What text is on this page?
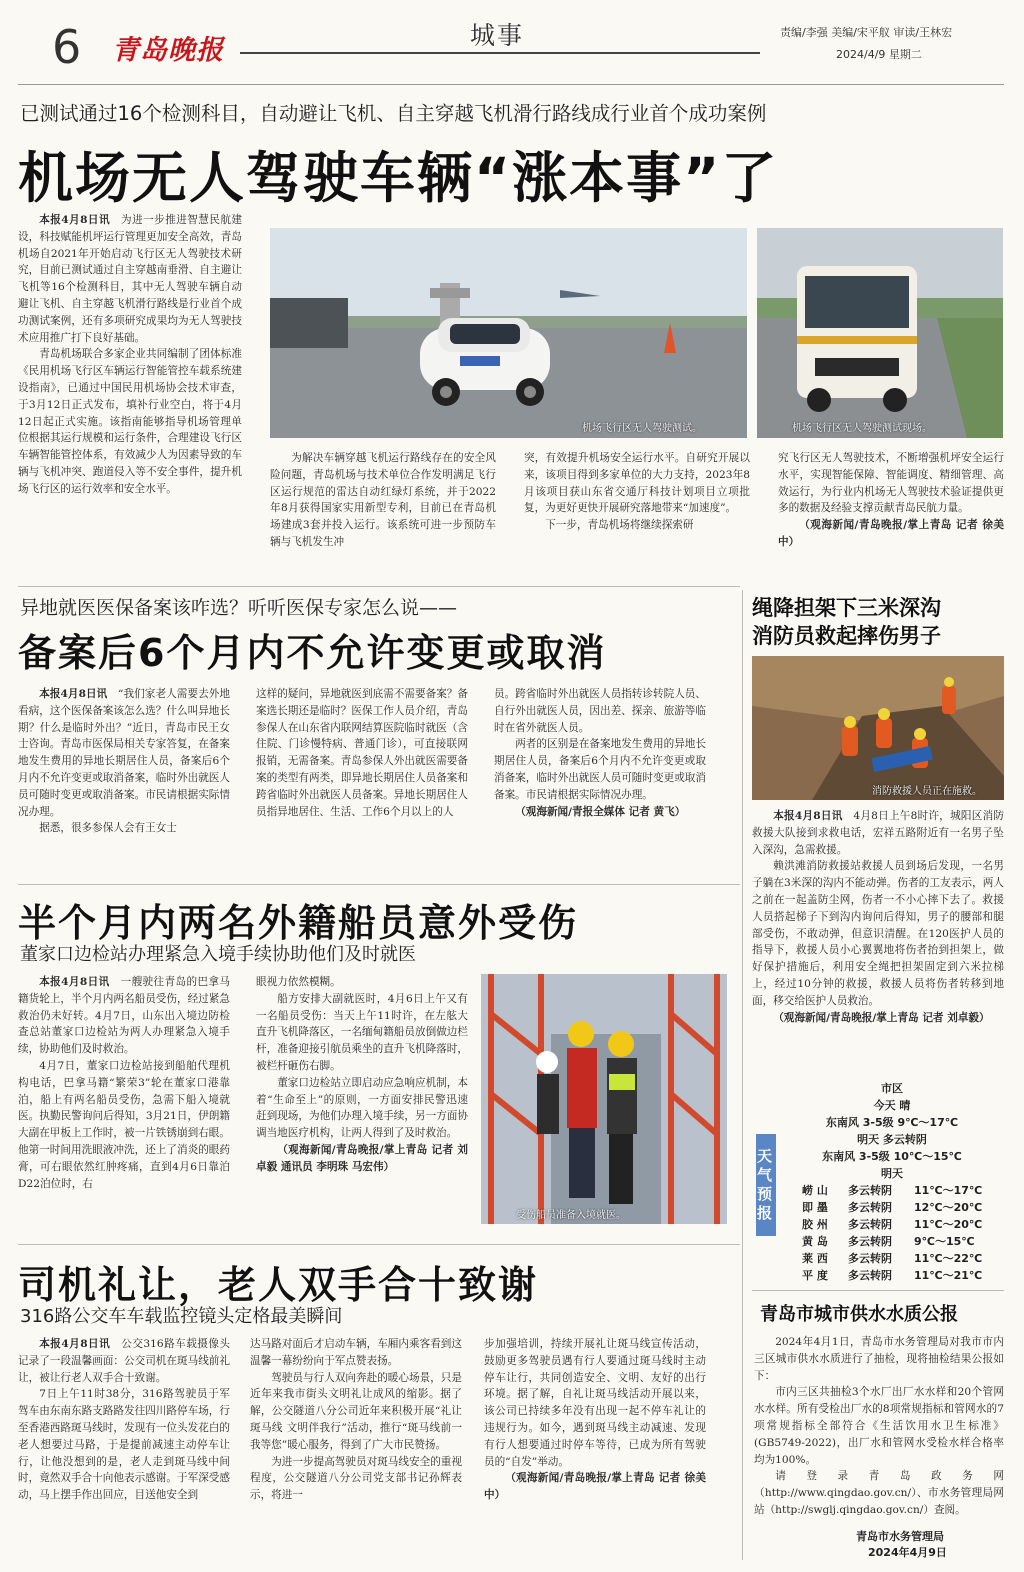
6 青岛晚报	城事	责编/李强 美编/宋平舣 审读/王林宏
2024/4/9 星期二
已测试通过16个检测科目，自动避让飞机、自主穿越飞机滑行路线成行业首个成功案例
机场无人驾驶车辆“涨本事”了

本报4月8日讯　 为进一步推进智慧民航建设，科技赋能机坪运行管理更加安全高效，青岛机场自2021年开始启动飞行区无人驾驶技术研究，目前已测试通过自主穿越南垂滑、自主避让飞机等16个检测科目，其中无人驾驶车辆自动避让飞机、自主穿越飞机滑行路线是行业首个成功测试案例，还有多项研究成果均为无人驾驶技术应用推广打下良好基础。

青岛机场联合多家企业共同编制了团体标准《民用机场飞行区车辆运行智能管控车载系统建设指南》，已通过中国民用机场协会技术审查，于3月12日正式发布，填补行业空白，将于4月12日起正式实施。该指南能够指导机场管理单位根据其运行规模和运行条件，合理建设飞行区车辆智能管控体系，有效减少人为因素导致的车辆与飞机冲突、跑道侵入等不安全事件，提升机场飞行区的运行效率和安全水平。

机场飞行区无人驾驶测试。	机场飞行区无人驾驶测试现场。

为解决车辆穿越飞机运行路线存在的安全风险问题，青岛机场与技术单位合作发明满足飞行区运行规范的雷达自动红绿灯系统，并于2022年8月获得国家实用新型专利，目前已在青岛机场建成3套并投入运行。该系统可进一步预防车辆与飞机发生冲

突，有效提升机场安全运行水平。自研究开展以来，该项目得到多家单位的大力支持，2023年8月该项目获山东省交通厅科技计划项目立项批复，为更好更快开展研究落地带来“加速度”。

下一步，青岛机场将继续探索研

究飞行区无人驾驶技术，不断增强机坪安全运行水平，实现智能保障、智能调度、精细管理、高效运行，为行业内机场无人驾驶技术验证提供更多的数据及经验支撑贡献青岛民航力量。

（观海新闻/青岛晚报/掌上青岛 记者 徐美中）

异地就医医保备案该咋选？听听医保专家怎么说——
备案后6个月内不允许变更或取消

本报4月8日讯　 “我们家老人需要去外地看病，这个医保备案该怎么选？什么叫异地长期？什么是临时外出？”近日，青岛市民王女士咨询。青岛市医保局相关专家答复，在备案地发生费用的异地长期居住人员，备案后6个月内不允许变更或取消备案，临时外出就医人员可随时变更或取消备案。市民请根据实际情况办理。

据悉，很多参保人会有王女士

这样的疑问，异地就医到底需不需要备案？备案选长期还是临时？医保工作人员介绍，青岛参保人在山东省内联网结算医院临时就医（含住院、门诊慢特病、普通门诊），可直接联网报销，无需备案。青岛参保人外出就医需要备案的类型有两类，即异地长期居住人员备案和跨省临时外出就医人员备案。异地长期居住人员指异地居住、生活、工作6个月以上的人

员。跨省临时外出就医人员指转诊转院人员、自行外出就医人员，因出差、探亲、旅游等临时在省外就医人员。

两者的区别是在备案地发生费用的异地长期居住人员，备案后6个月内不允许变更或取消备案，临时外出就医人员可随时变更或取消备案。市民请根据实际情况办理。

（观海新闻/青报全媒体 记者 黄飞）

半个月内两名外籍船员意外受伤
董家口边检站办理紧急入境手续协助他们及时就医

本报4月8日讯　 一艘驶往青岛的巴拿马籍货轮上，半个月内两名船员受伤，经过紧急救治仍未好转。4月7日，山东出入境边防检查总站董家口边检站为两人办理紧急入境手续，协助他们及时救治。

4月7日，董家口边检站接到船舶代理机构电话，巴拿马籍“繁荣3”轮在董家口港靠泊，船上有两名船员受伤，急需下船入境就医。执勤民警询问后得知，3月21日，伊朗籍大副在甲板上工作时，被一片铁锈崩到右眼。他第一时间用洗眼液冲洗，还上了消炎的眼药膏，可右眼依然红肿疼痛，直到4月6日靠泊D22泊位时，右

眼视力依然模糊。

船方安排大副就医时，4月6日上午又有一名船员受伤：当天上午11时许，在左舷大直升飞机降落区，一名缅甸籍船员放倒做边栏杆，准备迎接引航员乘坐的直升飞机降落时，被栏杆砸伤右脚。

董家口边检站立即启动应急响应机制，本着“生命至上”的原则，一方面安排民警迅速赶到现场，为他们办理入境手续，另一方面协调当地医疗机构，让两人得到了及时救治。

（观海新闻/青岛晚报/掌上青岛 记者 刘卓毅 通讯员 李明珠 马宏伟）

受伤船员准备入境就医。
司机礼让，老人双手合十致谢
316路公交车车载监控镜头定格最美瞬间

本报4月8日讯　 公交316路车载摄像头记录了一段温馨画面：公交司机在斑马线前礼让，被让行老人双手合十致谢。

7日上午11时38分，316路驾驶员于军驾车由东南东路支路路发往四川路停车场，行至香港西路斑马线时，发现有一位头发花白的老人想要过马路，于是提前减速主动停车让行，让他没想到的是，老人走到斑马线中间时，竟然双手合十向他表示感谢。于军深受感动，马上摆手作出回应，目送他安全到

达马路对面后才启动车辆，车厢内乘客看到这温馨一幕纷纷向于军点赞表扬。

驾驶员与行人双向奔赴的暖心场景，只是近年来我市街头文明礼让成风的缩影。据了解，公交隧道八分公司近年来积极开展“礼让斑马线 文明伴我行”活动，推行“斑马线前一我等您”暖心服务，得到了广大市民赞扬。

为进一步提高驾驶员对斑马线安全的重视程度，公交隧道八分公司党支部书记孙辉表示，将进一

步加强培训，持续开展礼让斑马线宣传活动，鼓励更多驾驶员遇有行人要通过斑马线时主动停车让行，共同创造安全、文明、友好的出行环境。据了解，自礼让斑马线活动开展以来，该公司已持续多年没有出现一起不停车礼让的违规行为。如今，遇到斑马线主动减速、发现有行人想要通过时停车等待，已成为所有驾驶员的“自发”举动。

（观海新闻/青岛晚报/掌上青岛 记者 徐美中）

绳降担架下三米深沟
消防员救起摔伤男子
消防救援人员正在施救。

本报4月8日讯　 4月8日上午8时许，城阳区消防救援大队接到求救电话，宏祥五路附近有一名男子坠入深沟，急需救援。

赖洪滩消防救援站救援人员到场后发现，一名男子躺在3米深的沟内不能动弹。伤者的工友表示，两人之前在一起盖防尘网，伤者一不小心摔下去了。救援人员搭起梯子下到沟内询问后得知，男子的腰部和腿部受伤，不敢动弹，但意识清醒。在120医护人员的指导下，救援人员小心翼翼地将伤者抬到担架上，做好保护措施后，利用安全绳把担架固定到六米拉梯上，经过10分钟的救援，救援人员将伤者转移到地面，移交给医护人员救治。

（观海新闻/青岛晚报/掌上青岛 记者 刘卓毅）

天气预报
市区
今天 晴
东南风 3-5级 9℃～17℃
明天 多云转阴
东南风 3-5级 10℃～15℃
明天
崂 山 多云转阴 11℃～17℃
即 墨 多云转阴 12℃～20℃
胶 州 多云转阴 11℃～20℃
黄 岛 多云转阴 9℃～15℃
莱 西 多云转阴 11℃～22℃
平 度 多云转阴 11℃～21℃
青岛市城市供水水质公报

2024年4月1日，青岛市水务管理局对我市市内三区城市供水水质进行了抽检，现将抽检结果公报如下：

市内三区共抽检3个水厂出厂水水样和20个管网水水样。所有受检出厂水的8项常规指标和管网水的7项常规指标全部符合《生活饮用水卫生标准》(GB5749-2022)，出厂水和管网水受检水样合格率均为100%。

请登录青岛政务网（http://www.qingdao.gov.cn/）、市水务管理局网站（http://swglj.qingdao.gov.cn/）查阅。

青岛市水务管理局
2024年4月9日
